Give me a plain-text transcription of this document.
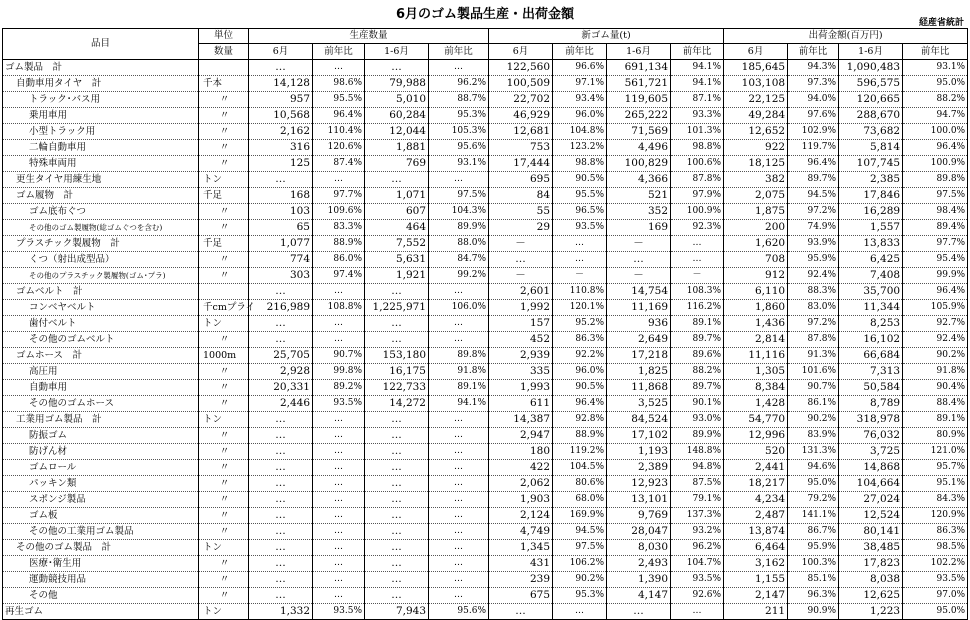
6月のゴム製品生産・出荷金額
経産省統計
品目	単位	生産数量				新ゴム量(t)				出荷金額(百万円)			
	数量	6月	前年比	1-6月	前年比	6月	前年比	1-6月	前年比	6月	前年比	1-6月	前年比
ゴム製品　計		…	…	…	…	122,560	96.6%	691,134	94.1%	185,645	94.3%	1,090,483	93.1%
自動車用タイヤ　計	千本	14,128	98.6%	79,988	96.2%	100,509	97.1%	561,721	94.1%	103,108	97.3%	596,575	95.0%
トラック･バス用	〃	957	95.5%	5,010	88.7%	22,702	93.4%	119,605	87.1%	22,125	94.0%	120,665	88.2%
乗用車用	〃	10,568	96.4%	60,284	95.3%	46,929	96.0%	265,222	93.3%	49,284	97.6%	288,670	94.7%
小型トラック用	〃	2,162	110.4%	12,044	105.3%	12,681	104.8%	71,569	101.3%	12,652	102.9%	73,682	100.0%
二輪自動車用	〃	316	120.6%	1,881	95.6%	753	123.2%	4,496	98.8%	922	119.7%	5,814	96.4%
特殊車両用	〃	125	87.4%	769	93.1%	17,444	98.8%	100,829	100.6%	18,125	96.4%	107,745	100.9%
更生タイヤ用練生地	トン	…	…	…	…	695	90.5%	4,366	87.8%	382	89.7%	2,385	89.8%
ゴム履物　計	千足	168	97.7%	1,071	97.5%	84	95.5%	521	97.9%	2,075	94.5%	17,846	97.5%
ゴム底布ぐつ	〃	103	109.6%	607	104.3%	55	96.5%	352	100.9%	1,875	97.2%	16,289	98.4%
その他のゴム製履物(総ゴムぐつを含む)	〃	65	83.3%	464	89.9%	29	93.5%	169	92.3%	200	74.9%	1,557	89.4%
プラスチック製履物　計	千足	1,077	88.9%	7,552	88.0%	－	…	－	…	1,620	93.9%	13,833	97.7%
くつ（射出成型品）	〃	774	86.0%	5,631	84.7%	…	…	…	…	708	95.9%	6,425	95.4%
その他のプラスチック製履物(ゴム･プラ)	〃	303	97.4%	1,921	99.2%	－	－	－	－	912	92.4%	7,408	99.9%
ゴムベルト　計		…	…	…	…	2,601	110.8%	14,754	108.3%	6,110	88.3%	35,700	96.4%
コンベヤベルト	千cmプライ	216,989	108.8%	1,225,971	106.0%	1,992	120.1%	11,169	116.2%	1,860	83.0%	11,344	105.9%
歯付ベルト	トン	…	…	…	…	157	95.2%	936	89.1%	1,436	97.2%	8,253	92.7%
その他のゴムベルト	〃	…	…	…	…	452	86.3%	2,649	89.7%	2,814	87.8%	16,102	92.4%
ゴムホース　計	1000m	25,705	90.7%	153,180	89.8%	2,939	92.2%	17,218	89.6%	11,116	91.3%	66,684	90.2%
高圧用	〃	2,928	99.8%	16,175	91.8%	335	96.0%	1,825	88.2%	1,305	101.6%	7,313	91.8%
自動車用	〃	20,331	89.2%	122,733	89.1%	1,993	90.5%	11,868	89.7%	8,384	90.7%	50,584	90.4%
その他のゴムホース	〃	2,446	93.5%	14,272	94.1%	611	96.4%	3,525	90.1%	1,428	86.1%	8,789	88.4%
工業用ゴム製品　計	トン	…	…	…	…	14,387	92.8%	84,524	93.0%	54,770	90.2%	318,978	89.1%
防振ゴム	〃	…	…	…	…	2,947	88.9%	17,102	89.9%	12,996	83.9%	76,032	80.9%
防げん材	〃	…	…	…	…	180	119.2%	1,193	148.8%	520	131.3%	3,725	121.0%
ゴムロール	〃	…	…	…	…	422	104.5%	2,389	94.8%	2,441	94.6%	14,868	95.7%
パッキン類	〃	…	…	…	…	2,062	80.6%	12,923	87.5%	18,217	95.0%	104,664	95.1%
スポンジ製品	〃	…	…	…	…	1,903	68.0%	13,101	79.1%	4,234	79.2%	27,024	84.3%
ゴム板	〃	…	…	…	…	2,124	169.9%	9,769	137.3%	2,487	141.1%	12,524	120.9%
その他の工業用ゴム製品	〃	…	…	…	…	4,749	94.5%	28,047	93.2%	13,874	86.7%	80,141	86.3%
その他のゴム製品　計	トン	…	…	…	…	1,345	97.5%	8,030	96.2%	6,464	95.9%	38,485	98.5%
医療･衛生用	〃	…	…	…	…	431	106.2%	2,493	104.7%	3,162	100.3%	17,823	102.2%
運動競技用品	〃	…	…	…	…	239	90.2%	1,390	93.5%	1,155	85.1%	8,038	93.5%
その他	〃	…	…	…	…	675	95.3%	4,147	92.6%	2,147	96.3%	12,625	97.0%
再生ゴム	トン	1,332	93.5%	7,943	95.6%	…	…	…	…	211	90.9%	1,223	95.0%
